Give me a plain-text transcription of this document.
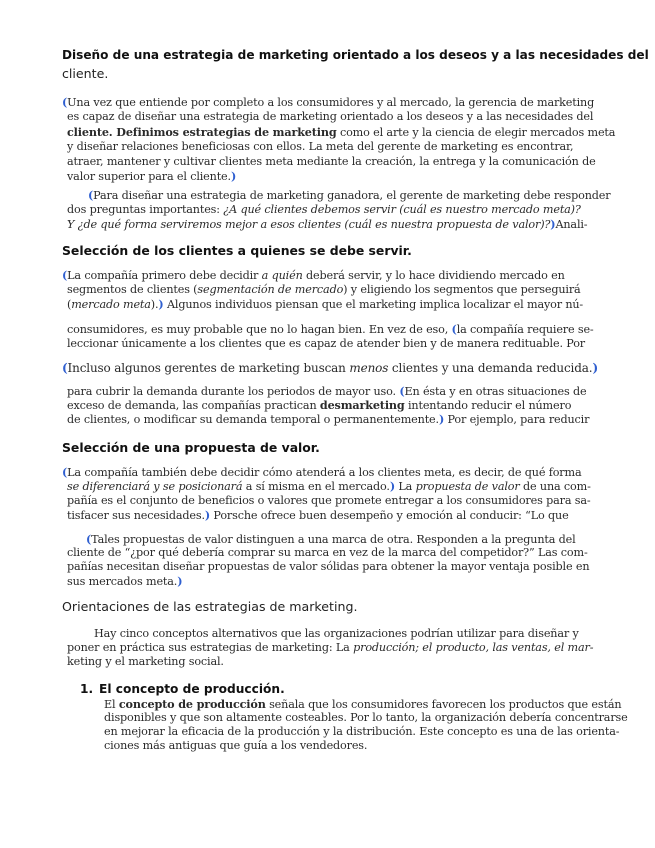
Diseño de una estrategia de marketing orientado a los deseos y a las necesidades del

cliente.

(Una vez que entiende por completo a los consumidores y al mercado, la gerencia de marketing

es capaz de diseñar una estrategia de marketing orientado a los deseos y a las necesidades del

cliente. Definimos estrategias de marketing como el arte y la ciencia de elegir mercados meta

y diseñar relaciones beneficiosas con ellos. La meta del gerente de marketing es encontrar,

atraer, mantener y cultivar clientes meta mediante la creación, la entrega y la comunicación de

valor superior para el cliente.)

(Para diseñar una estrategia de marketing ganadora, el gerente de marketing debe responder

dos preguntas importantes: ¿A qué clientes debemos servir (cuál es nuestro mercado meta)?

Y ¿de qué forma serviremos mejor a esos clientes (cuál es nuestra propuesta de valor)?)Anali-

Selección de los clientes a quienes se debe servir.

(La compañía primero debe decidir a quién deberá servir, y lo hace dividiendo mercado en

segmentos de clientes (segmentación de mercado) y eligiendo los segmentos que perseguirá

(mercado meta).) Algunos individuos piensan que el marketing implica localizar el mayor nú-

consumidores, es muy probable que no lo hagan bien. En vez de eso, (la compañía requiere se-

leccionar únicamente a los clientes que es capaz de atender bien y de manera redituable. Por

(Incluso algunos gerentes de marketing buscan menos clientes y una demanda reducida.)

para cubrir la demanda durante los periodos de mayor uso. (En ésta y en otras situaciones de

exceso de demanda, las compañías practican desmarketing intentando reducir el número

de clientes, o modificar su demanda temporal o permanentemente.) Por ejemplo, para reducir

Selección de una propuesta de valor.

(La compañía también debe decidir cómo atenderá a los clientes meta, es decir, de qué forma

se diferenciará y se posicionará a sí misma en el mercado.) La propuesta de valor de una com-

pañía es el conjunto de beneficios o valores que promete entregar a los consumidores para sa-

tisfacer sus necesidades.) Porsche ofrece buen desempeño y emoción al conducir: “Lo que

(Tales propuestas de valor distinguen a una marca de otra. Responden a la pregunta del

cliente de “¿por qué debería comprar su marca en vez de la marca del competidor?” Las com-

pañías necesitan diseñar propuestas de valor sólidas para obtener la mayor ventaja posible en

sus mercados meta.)

Orientaciones de las estrategias de marketing.

Hay cinco conceptos alternativos que las organizaciones podrían utilizar para diseñar y

poner en práctica sus estrategias de marketing: La producción; el producto, las ventas, el mar-

keting y el marketing social.

1. El concepto de producción.

El concepto de producción señala que los consumidores favorecen los productos que están

disponibles y que son altamente costeables. Por lo tanto, la organización debería concentrarse

en mejorar la eficacia de la producción y la distribución. Este concepto es una de las orienta-

ciones más antiguas que guía a los vendedores.
